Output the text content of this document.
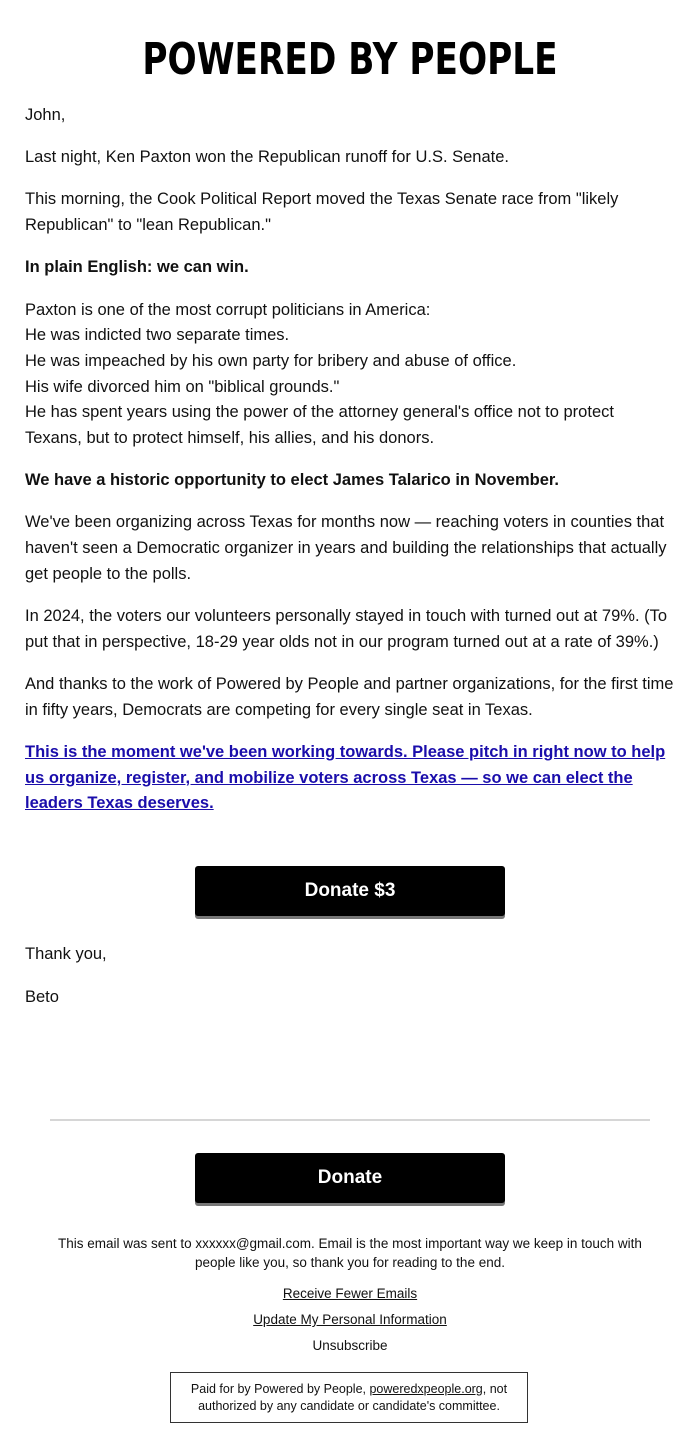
POWERED BY PEOPLE

John,

Last night, Ken Paxton won the Republican runoff for U.S. Senate.

This morning, the Cook Political Report moved the Texas Senate race from "likely Republican" to "lean Republican."

In plain English: we can win.

Paxton is one of the most corrupt politicians in America:
He was indicted two separate times.
He was impeached by his own party for bribery and abuse of office.
His wife divorced him on "biblical grounds."
He has spent years using the power of the attorney general's office not to protect Texans, but to protect himself, his allies, and his donors.

We have a historic opportunity to elect James Talarico in November.

We've been organizing across Texas for months now — reaching voters in counties that haven't seen a Democratic organizer in years and building the relationships that actually get people to the polls.

In 2024, the voters our volunteers personally stayed in touch with turned out at 79%. (To put that in perspective, 18-29 year olds not in our program turned out at a rate of 39%.)

And thanks to the work of Powered by People and partner organizations, for the first time in fifty years, Democrats are competing for every single seat in Texas.

This is the moment we've been working towards. Please pitch in right now to help us organize, register, and mobilize voters across Texas — so we can elect the leaders Texas deserves.

Donate $3
Thank you,
Beto
Donate
This email was sent to xxxxxx@gmail.com. Email is the most important way we keep in touch with people like you, so thank you for reading to the end.
Receive Fewer Emails
Update My Personal Information
Unsubscribe
Paid for by Powered by People, poweredxpeople.org, not authorized by any candidate or candidate's committee.
